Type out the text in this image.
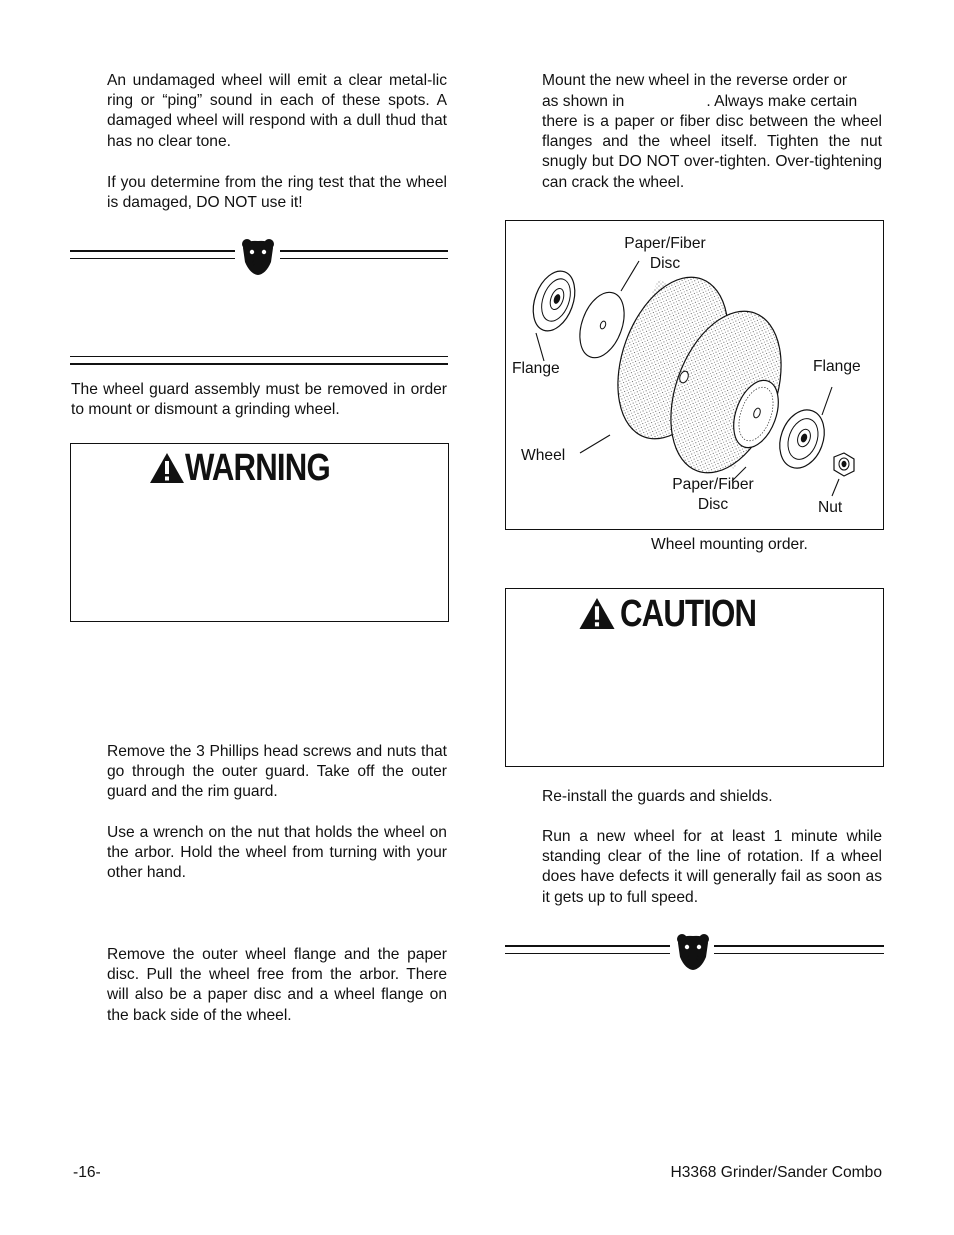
An undamaged wheel will emit a clear metal-lic ring or “ping” sound in each of these spots. A damaged wheel will respond with a dull thud that has no clear tone.

If you determine from the ring test that the wheel is damaged, DO NOT use it!

The wheel guard assembly must be removed in order to mount or dismount a grinding wheel.

WARNING

Remove the 3 Phillips head screws and nuts that go through the outer guard. Take off the outer guard and the rim guard.

Use a wrench on the nut that holds the wheel on the arbor. Hold the wheel from turning with your other hand.

Remove the outer wheel flange and the paper disc. Pull the wheel free from the arbor. There will also be a paper disc and a wheel flange on the back side of the wheel.

Mount the new wheel in the reverse order or

as shown in	. Always make certain

there is a paper or fiber disc between the wheel flanges and the wheel itself. Tighten the nut snugly but DO NOT over-tighten. Over-tightening can crack the wheel.

Paper/Fiber
Disc
Flange	Flange
Wheel
Paper/Fiber
Disc	Nut
Wheel mounting order.
CAUTION

Re-install the guards and shields.

Run a new wheel for at least 1 minute while standing clear of the line of rotation. If a wheel does have defects it will generally fail as soon as it gets up to full speed.

-16-	H3368 Grinder/Sander Combo
